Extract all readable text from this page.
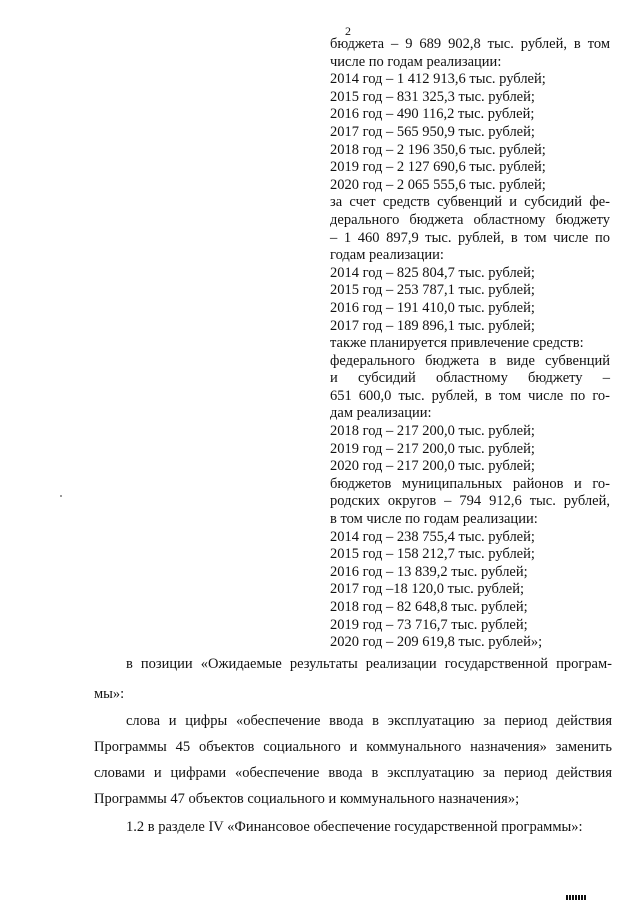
2
бюджета – 9 689 902,8 тыс. рублей, в том
числе по годам реализации:
2014 год – 1 412 913,6 тыс. рублей;
2015 год – 831 325,3 тыс. рублей;
2016 год – 490 116,2 тыс. рублей;
2017 год – 565 950,9 тыс. рублей;
2018 год – 2 196 350,6 тыс. рублей;
2019 год – 2 127 690,6 тыс. рублей;
2020 год – 2 065 555,6 тыс. рублей;
за счет средств субвенций и субсидий фе-
дерального бюджета областному бюджету
– 1 460 897,9 тыс. рублей, в том числе по
годам реализации:
2014 год – 825 804,7 тыс. рублей;
2015 год – 253 787,1 тыс. рублей;
2016 год – 191 410,0 тыс. рублей;
2017 год – 189 896,1 тыс. рублей;
также планируется привлечение средств:
федерального бюджета в виде субвенций
и субсидий областному бюджету –
651 600,0 тыс. рублей, в том числе по го-
дам реализации:
2018 год – 217 200,0 тыс. рублей;
2019 год – 217 200,0 тыс. рублей;
2020 год – 217 200,0 тыс. рублей;
бюджетов муниципальных районов и го-
родских округов – 794 912,6 тыс. рублей,
в том числе по годам реализации:
2014 год – 238 755,4 тыс. рублей;
2015 год – 158 212,7 тыс. рублей;
2016 год – 13 839,2 тыс. рублей;
2017 год –18 120,0 тыс. рублей;
2018 год – 82 648,8 тыс. рублей;
2019 год – 73 716,7 тыс. рублей;
2020 год – 209 619,8 тыс. рублей»;
в позиции «Ожидаемые результаты реализации государственной програм-
мы»:
слова и цифры «обеспечение ввода в эксплуатацию за период действия
Программы 45 объектов социального и коммунального назначения» заменить
словами и цифрами «обеспечение ввода в эксплуатацию за период действия
Программы 47 объектов социального и коммунального назначения»;
1.2 в разделе IV «Финансовое обеспечение государственной программы»:
